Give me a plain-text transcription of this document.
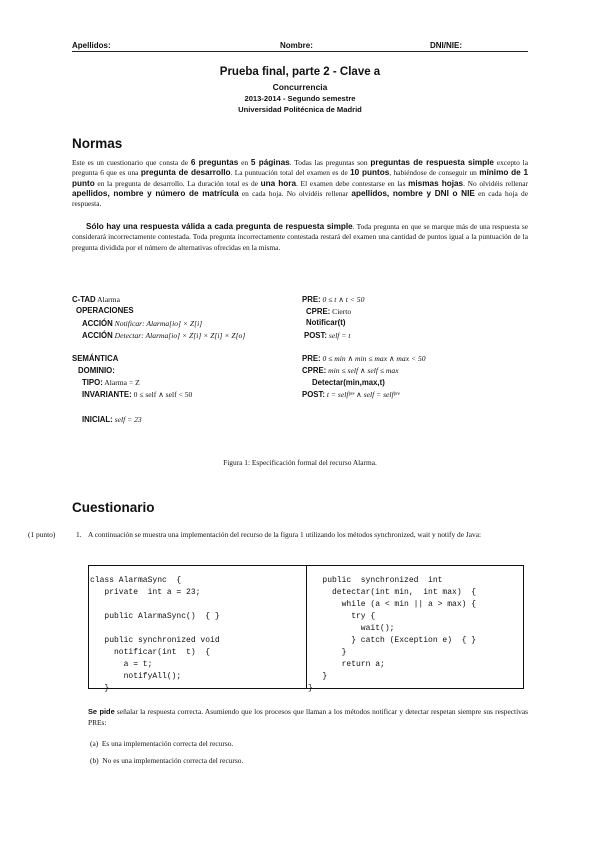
Apellidos:	Nombre:	DNI/NIE:
Prueba final, parte 2 - Clave a
Concurrencia
2013-2014 - Segundo semestre
Universidad Politécnica de Madrid
Normas

Este es un cuestionario que consta de 6 preguntas en 5 páginas. Todas las preguntas son preguntas de respuesta simple excepto la pregunta 6 que es una pregunta de desarrollo. La puntuación total del examen es de 10 puntos, habiéndose de conseguir un mínimo de 1 punto en la pregunta de desarrollo. La duración total es de una hora. El examen debe contestarse en las mismas hojas. No olvidéis rellenar apellidos, nombre y número de matrícula en cada hoja. No olvidéis rellenar apellidos, nombre y DNI o NIE en cada hoja de respuesta.

Sólo hay una respuesta válida a cada pregunta de respuesta simple. Toda pregunta en que se marque más de una respuesta se considerará incorrectamente contestada. Toda pregunta incorrectamente contestada restará del examen una cantidad de puntos igual a la puntuación de la pregunta dividida por el número de alternativas ofrecidas en la misma.

C-TAD Alarma
OPERACIONES
ACCIÓN Notificar: Alarma[io] × Z[i]
ACCIÓN Detectar: Alarma[io] × Z[i] × Z[i] × Z[o]
SEMÁNTICA
DOMINIO:
TIPO: Alarma = Z
INVARIANTE: 0 ≤ self ∧ self < 50
INICIAL: self = 23
PRE: 0 ≤ t ∧ t < 50
CPRE: Cierto
Notificar(t)
POST: self = t
PRE: 0 ≤ min ∧ min ≤ max ∧ max < 50
CPRE: min ≤ self ∧ self ≤ max
Detectar(min,max,t)
POST: t = selfᵖʳᵉ ∧ self = selfᵖʳᵉ
Figura 1: Especificación formal del recurso Alarma.
Cuestionario
(1 punto)	1. A continuación se muestra una implementación del recurso de la figura 1 utilizando los métodos synchronized, wait y notify de Java:
class AlarmaSync  {
private  int a = 23;

public AlarmaSync()  { }

public synchronized void
notificar(int  t)  {
a = t;
notifyAll();
}
public  synchronized  int
detectar(int min,  int max)  {
while (a < min || a > max) {
try {
wait();
} catch (Exception e)  { }
}
return a;
}
}
Se pide señalar la respuesta correcta. Asumiendo que los procesos que llaman a los métodos notificar y detectar respetan siempre sus respectivas PREs:
(a) Es una implementación correcta del recurso.
(b) No es una implementación correcta del recurso.
